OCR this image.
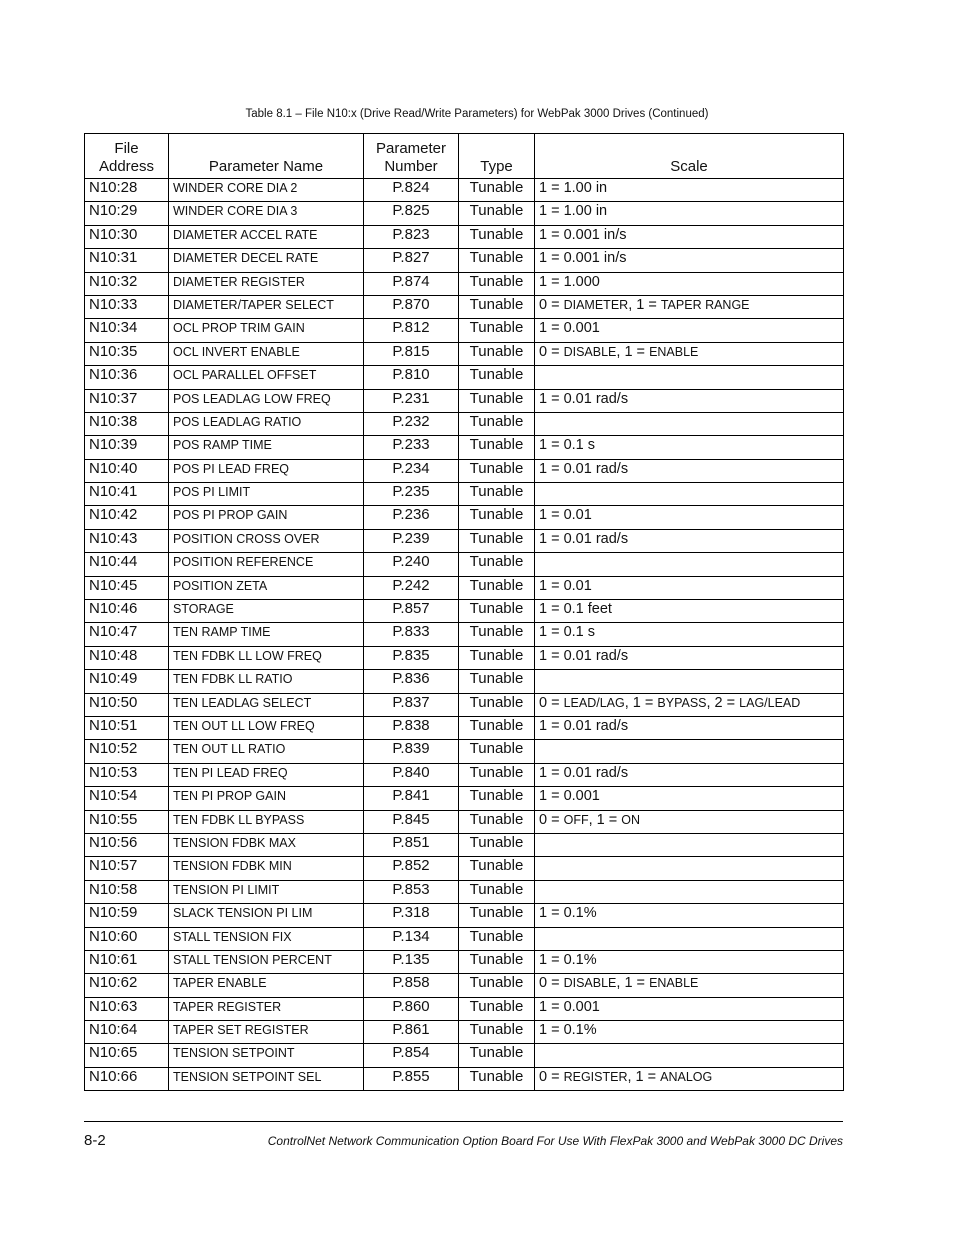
Table 8.1 – File N10:x (Drive Read/Write Parameters) for WebPak 3000 Drives (Continued)
File Address	Parameter Name	Parameter Number	Type	Scale
N10:28	WINDER CORE DIA 2	P.824	Tunable	1 = 1.00 in
N10:29	WINDER CORE DIA 3	P.825	Tunable	1 = 1.00 in
N10:30	DIAMETER ACCEL RATE	P.823	Tunable	1 = 0.001 in/s
N10:31	DIAMETER DECEL RATE	P.827	Tunable	1 = 0.001 in/s
N10:32	DIAMETER REGISTER	P.874	Tunable	1 = 1.000
N10:33	DIAMETER/TAPER SELECT	P.870	Tunable	0 = DIAMETER, 1 = TAPER RANGE
N10:34	OCL PROP TRIM GAIN	P.812	Tunable	1 = 0.001
N10:35	OCL INVERT ENABLE	P.815	Tunable	0 = DISABLE, 1 = ENABLE
N10:36	OCL PARALLEL OFFSET	P.810	Tunable	
N10:37	POS LEADLAG LOW FREQ	P.231	Tunable	1 = 0.01 rad/s
N10:38	POS LEADLAG RATIO	P.232	Tunable	
N10:39	POS RAMP TIME	P.233	Tunable	1 = 0.1 s
N10:40	POS PI LEAD FREQ	P.234	Tunable	1 = 0.01 rad/s
N10:41	POS PI LIMIT	P.235	Tunable	
N10:42	POS PI PROP GAIN	P.236	Tunable	1 = 0.01
N10:43	POSITION CROSS OVER	P.239	Tunable	1 = 0.01 rad/s
N10:44	POSITION REFERENCE	P.240	Tunable	
N10:45	POSITION ZETA	P.242	Tunable	1 = 0.01
N10:46	STORAGE	P.857	Tunable	1 = 0.1 feet
N10:47	TEN RAMP TIME	P.833	Tunable	1 = 0.1 s
N10:48	TEN FDBK LL LOW FREQ	P.835	Tunable	1 = 0.01 rad/s
N10:49	TEN FDBK LL RATIO	P.836	Tunable	
N10:50	TEN LEADLAG SELECT	P.837	Tunable	0 = LEAD/LAG, 1 = BYPASS, 2 = LAG/LEAD
N10:51	TEN OUT LL LOW FREQ	P.838	Tunable	1 = 0.01 rad/s
N10:52	TEN OUT LL RATIO	P.839	Tunable	
N10:53	TEN PI LEAD FREQ	P.840	Tunable	1 = 0.01 rad/s
N10:54	TEN PI PROP GAIN	P.841	Tunable	1 = 0.001
N10:55	TEN FDBK LL BYPASS	P.845	Tunable	0 = OFF, 1 = ON
N10:56	TENSION FDBK MAX	P.851	Tunable	
N10:57	TENSION FDBK MIN	P.852	Tunable	
N10:58	TENSION PI LIMIT	P.853	Tunable	
N10:59	SLACK TENSION PI LIM	P.318	Tunable	1 = 0.1%
N10:60	STALL TENSION FIX	P.134	Tunable	
N10:61	STALL TENSION PERCENT	P.135	Tunable	1 = 0.1%
N10:62	TAPER ENABLE	P.858	Tunable	0 = DISABLE, 1 = ENABLE
N10:63	TAPER REGISTER	P.860	Tunable	1 = 0.001
N10:64	TAPER SET REGISTER	P.861	Tunable	1 = 0.1%
N10:65	TENSION SETPOINT	P.854	Tunable	
N10:66	TENSION SETPOINT SEL	P.855	Tunable	0 = REGISTER, 1 = ANALOG
8-2	ControlNet Network Communication Option Board For Use With FlexPak 3000 and WebPak 3000 DC Drives
